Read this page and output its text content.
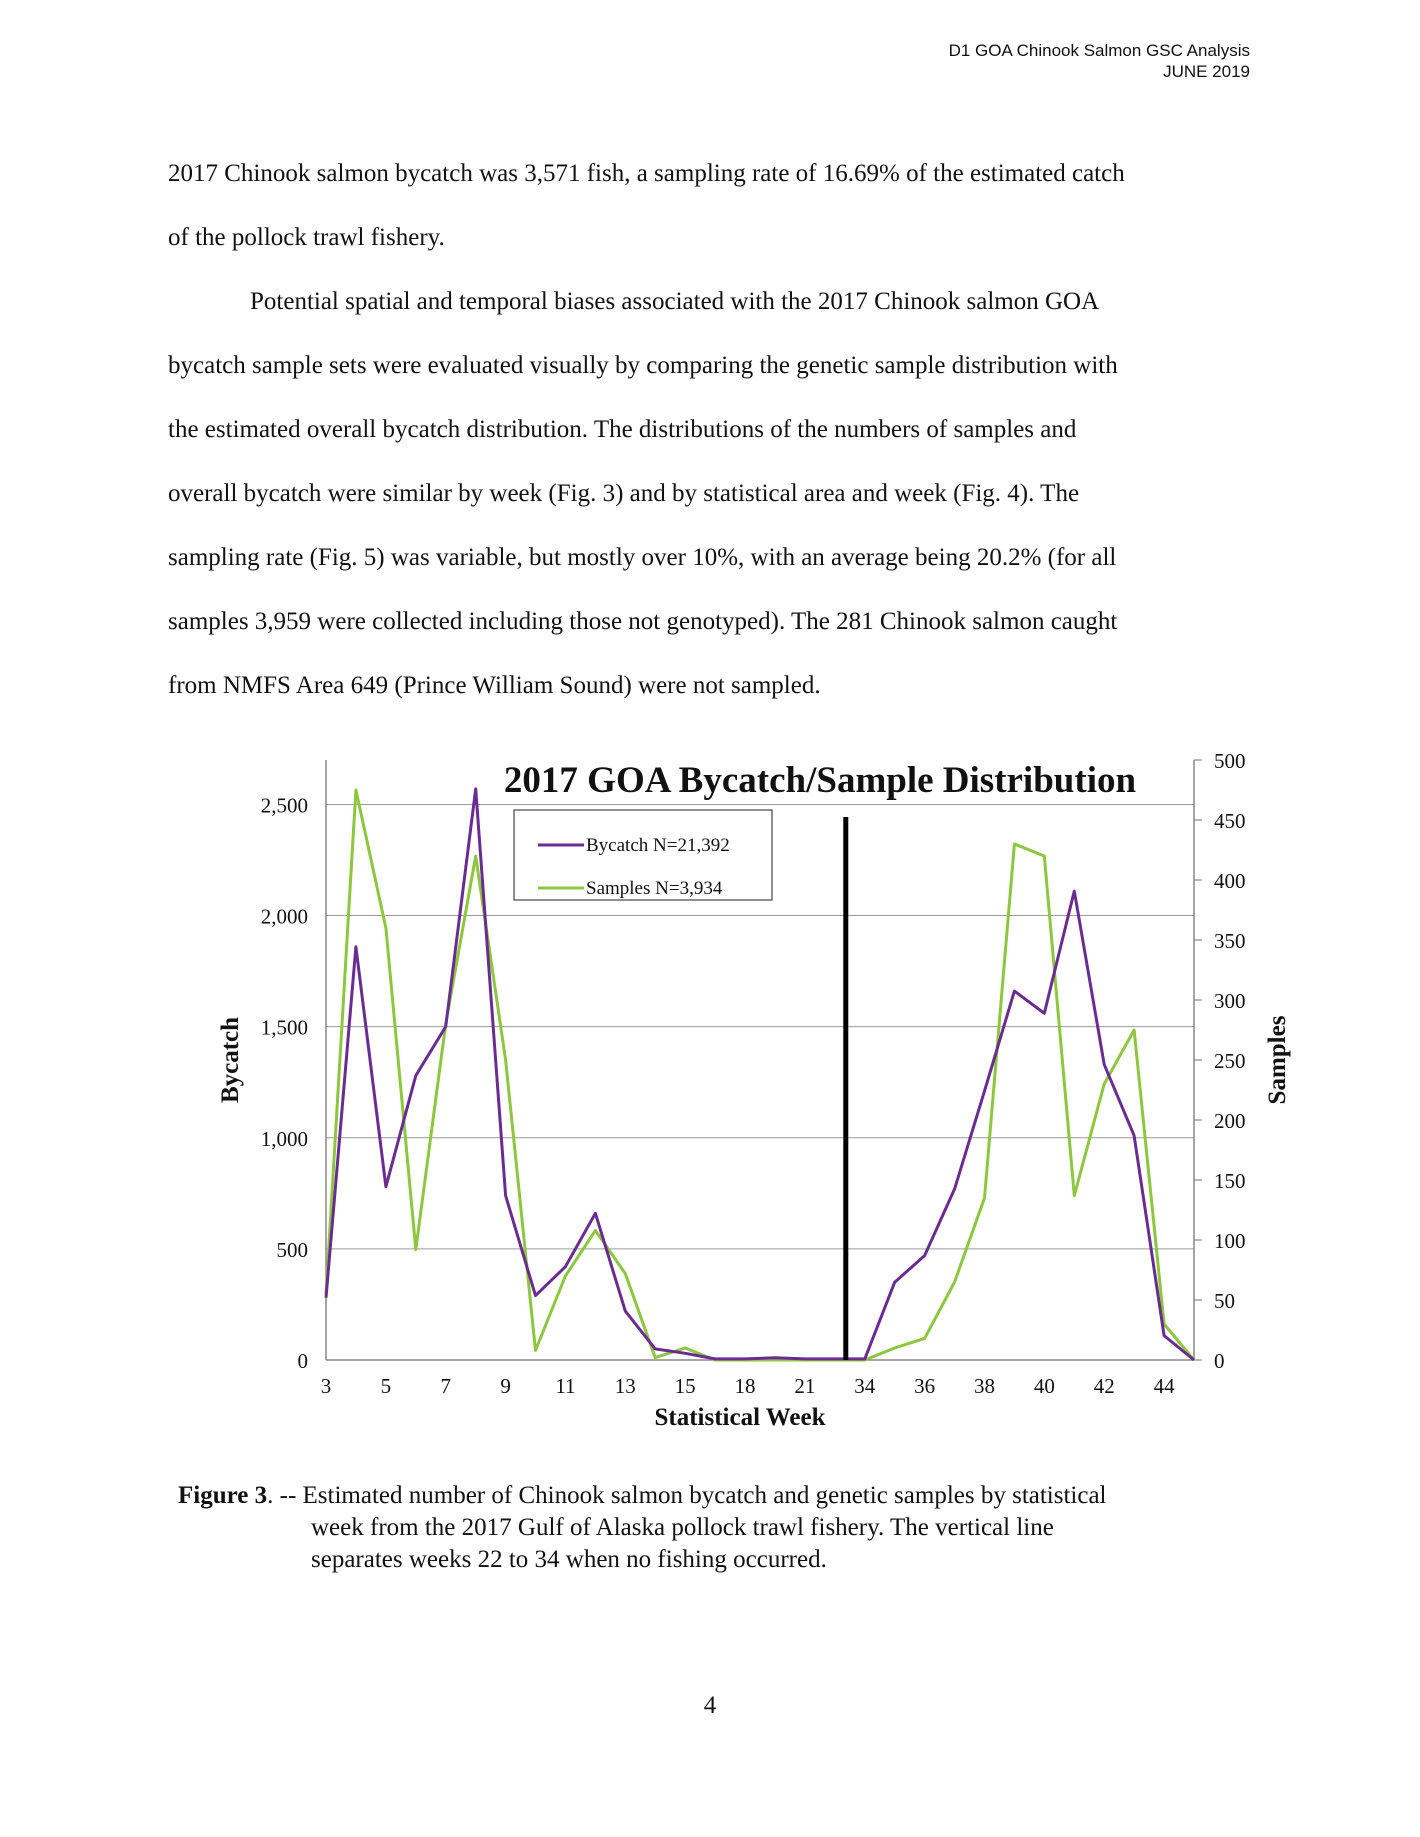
D1 GOA Chinook Salmon GSC Analysis
JUNE 2019
2017 Chinook salmon bycatch was 3,571 fish, a sampling rate of 16.69% of the estimated catch
of the pollock trawl fishery.
Potential spatial and temporal biases associated with the 2017 Chinook salmon GOA
bycatch sample sets were evaluated visually by comparing the genetic sample distribution with
the estimated overall bycatch distribution. The distributions of the numbers of samples and
overall bycatch were similar by week (Fig. 3) and by statistical area and week (Fig. 4). The
sampling rate (Fig. 5) was variable, but mostly over 10%, with an average being 20.2% (for all
samples 3,959 were collected including those not genotyped). The 281 Chinook salmon caught
from NMFS Area 649 (Prince William Sound) were not sampled.
0
500
1,000
1,500
2,000
2,500
0
50
100
150
200
250
300
350
400
450
500
3 5 7 9 11 13 15 18 21 34 36 38 40 42 44
2017 GOA Bycatch/Sample Distribution
Bycatch N=21,392
Samples N=3,934
Bycatch	Samples
Statistical Week
Figure 3. -- Estimated number of Chinook salmon bycatch and genetic samples by statistical
week from the 2017 Gulf of Alaska pollock trawl fishery. The vertical line
separates weeks 22 to 34 when no fishing occurred.
4
